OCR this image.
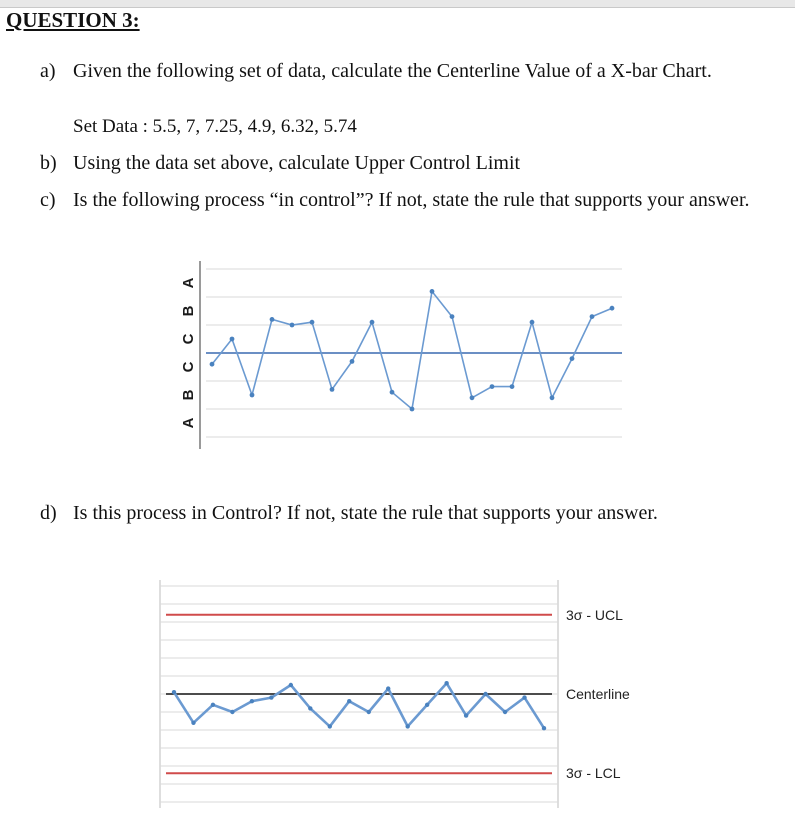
QUESTION 3:
a) Given the following set of data, calculate the Centerline Value of a X-bar Chart.
Set Data : 5.5, 7, 7.25, 4.9, 6.32, 5.74
b) Using the data set above, calculate Upper Control Limit
c) Is the following process “in control”? If not, state the rule that supports your answer.
A
B
C
C
B
A
d) Is this process in Control? If not, state the rule that supports your answer.
3σ - UCL
Centerline
3σ - LCL
